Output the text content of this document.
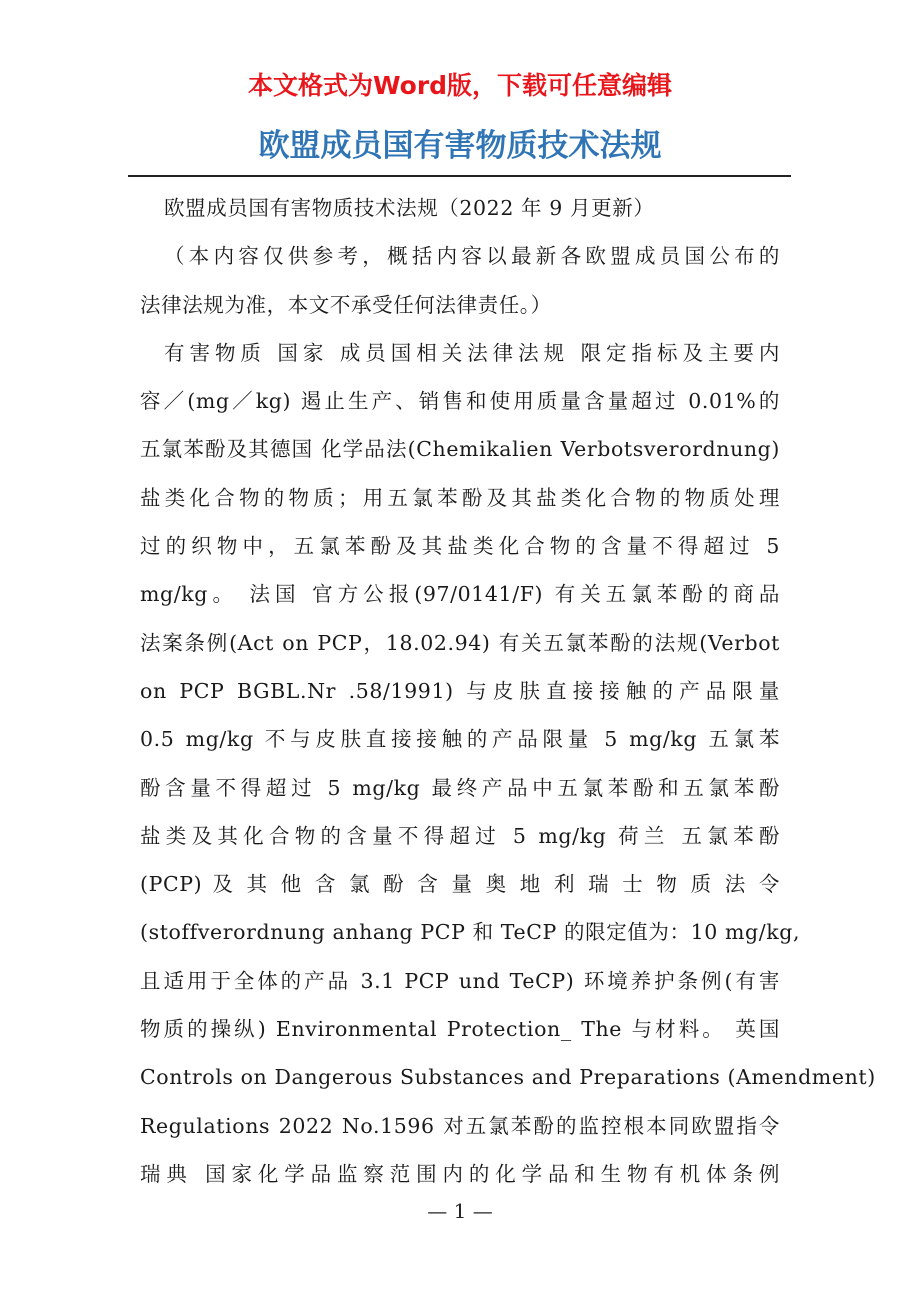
本文格式为Word版，下载可任意编辑
欧盟成员国有害物质技术法规
欧盟成员国有害物质技术法规（2022 年 9 月更新）
（本内容仅供参考，概括内容以最新各欧盟成员国公布的
法律法规为准，本文不承受任何法律责任。）
有害物质 国家 成员国相关法律法规 限定指标及主要内
容／(mg／kg) 遏止生产、销售和使用质量含量超过 0.01%的
五氯苯酚及其德国 化学品法(Chemikalien Verbotsverordnung)
盐类化合物的物质；用五氯苯酚及其盐类化合物的物质处理
过的织物中，五氯苯酚及其盐类化合物的含量不得超过 5
mg/kg。 法国 官方公报(97/0141/F) 有关五氯苯酚的商品
法案条例(Act on PCP，18.02.94) 有关五氯苯酚的法规(Verbot
on PCP BGBL.Nr .58/1991) 与皮肤直接接触的产品限量
0.5 mg/kg 不与皮肤直接接触的产品限量 5 mg/kg 五氯苯
酚含量不得超过 5 mg/kg 最终产品中五氯苯酚和五氯苯酚
盐类及其化合物的含量不得超过 5 mg/kg 荷兰 五氯苯酚
(PCP) 及 其 他 含 氯 酚 含 量 奥 地 利 瑞 士 物 质 法 令
(stoffverordnung anhang PCP 和 TeCP 的限定值为：10 mg/kg,
且适用于全体的产品 3.1 PCP und TeCP) 环境养护条例(有害
物质的操纵) Environmental Protection_ The 与材料。 英国
Controls on Dangerous Substances and Preparations (Amendment)
Regulations 2022 No.1596 对五氯苯酚的监控根本同欧盟指令
瑞典 国家化学品监察范围内的化学品和生物有机体条例
— 1 —
